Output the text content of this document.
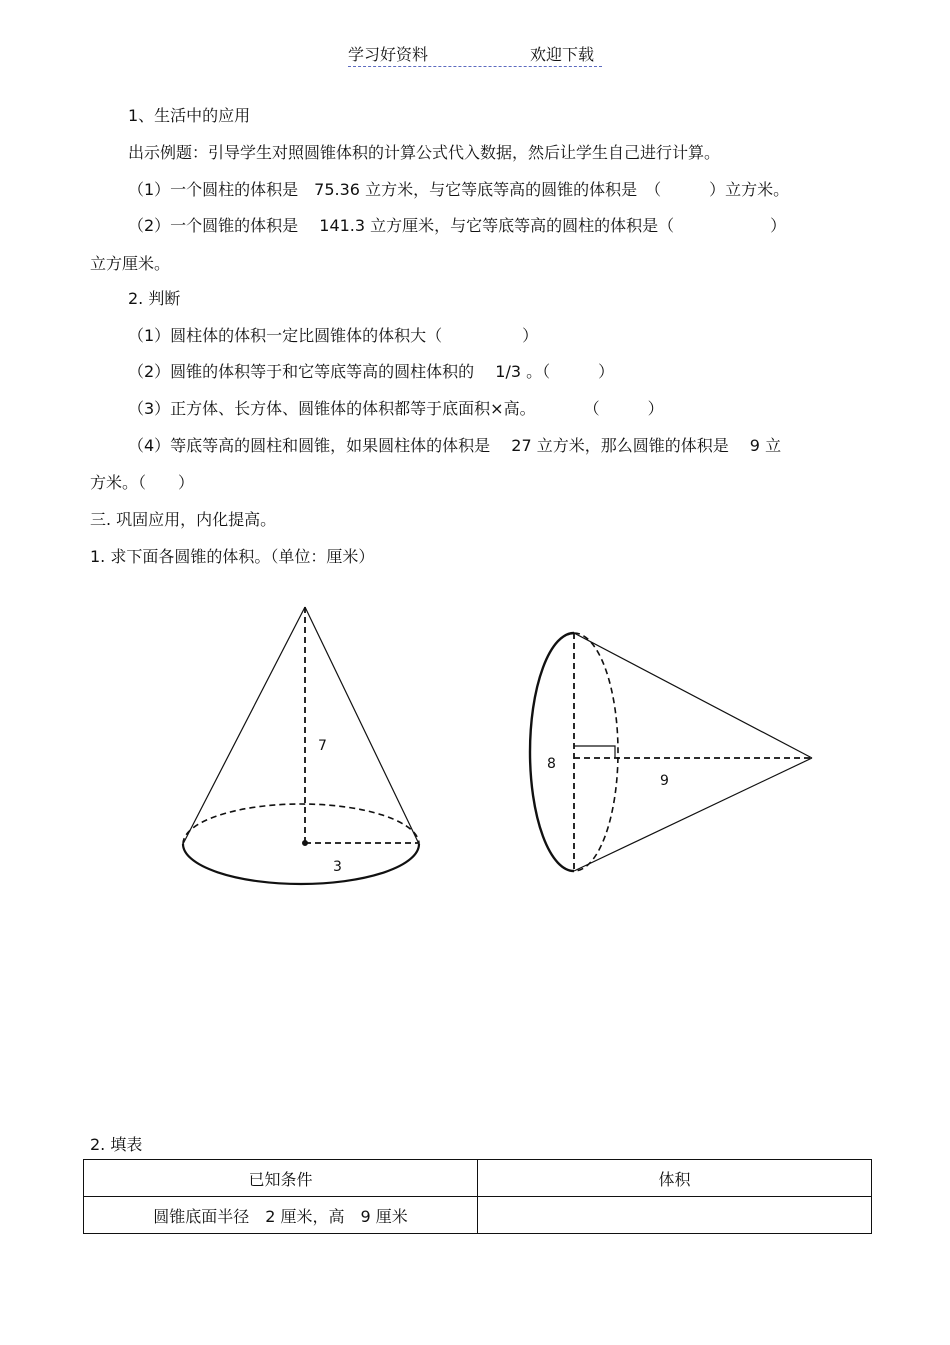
学习好资料	欢迎下载
1、生活中的应用
出示例题：引导学生对照圆锥体积的计算公式代入数据，然后让学生自己进行计算。
（1）一个圆柱的体积是　75.36 立方米，与它等底等高的圆锥的体积是　（　　　）立方米。
（2）一个圆锥的体积是　 141.3 立方厘米，与它等底等高的圆柱的体积是（　　　　　　）
立方厘米。
2. 判断
（1）圆柱体的体积一定比圆锥体的体积大（　　　　　）
（2）圆锥的体积等于和它等底等高的圆柱体积的　 1/3 。（　　　）
（3）正方体、长方体、圆锥体的体积都等于底面积×高。　　　　（　　　）
（4）等底等高的圆柱和圆锥，如果圆柱体的体积是　 27 立方米，那么圆锥的体积是　 9 立
方米。（　　）
三. 巩固应用，内化提高。
1. 求下面各圆锥的体积。（单位：厘米）
7
3
8
9
2. 填表
已知条件	体积
圆锥底面半径　2 厘米，高　9 厘米	
